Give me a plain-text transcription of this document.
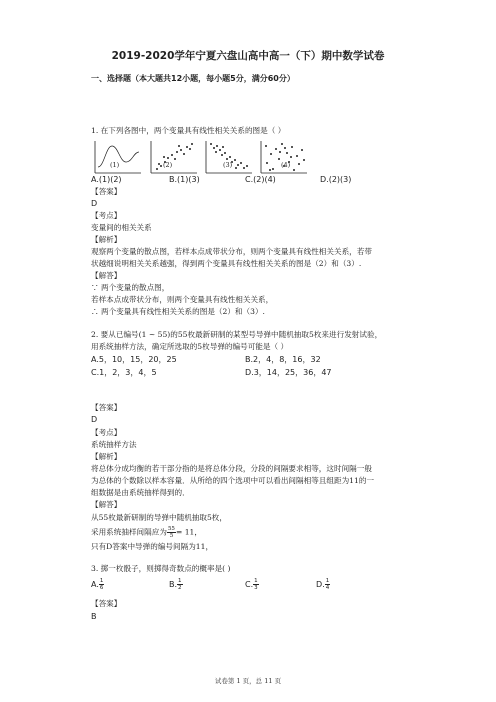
2019-2020学年宁夏六盘山高中高一（下）期中数学试卷
一、选择题（本大题共12小题，每小题5分，满分60分）
1. 在下列各图中，两个变量具有线性相关关系的图是（ ）
(1)	(2)	(3)	(4)
A.(1)(2)	B.(1)(3)	C.(2)(4)	D.(2)(3)
【答案】
D
【考点】
变量间的相关关系
【解析】
观察两个变量的散点图，若样本点成带状分布，则两个变量具有线性相关关系，若带
状越细说明相关关系越强，得到两个变量具有线性相关关系的图是（2）和（3）.
【解答】
∵ 两个变量的散点图，
若样本点成带状分布，则两个变量具有线性相关关系，
∴ 两个变量具有线性相关关系的图是（2）和（3）.
2. 要从已编号(1 ~ 55)的55枚最新研制的某型号导弹中随机抽取5枚来进行发射试验，
用系统抽样方法，确定所选取的5枚导弹的编号可能是（ ）
A.5，10，15，20，25	B.2，4，8，16，32
C.1，2，3，4，5	D.3，14，25，36，47
【答案】
D
【考点】
系统抽样方法
【解析】
将总体分成均衡的若干部分指的是将总体分段，分段的间隔要求相等，这时间隔一般
为总体的个数除以样本容量．从所给的四个选项中可以看出间隔相等且组距为11的一
组数据是由系统抽样得到的．
【解答】
从55枚最新研制的导弹中随机抽取5枚，
采用系统抽样间隔应为 $\frac{55}{5} = 11$，
只有D答案中导弹的编号间隔为11，
3. 掷一枚骰子，则掷得奇数点的概率是( )
A. $\frac{1}{6}$	B. $\frac{1}{2}$	C. $\frac{1}{3}$	D. $\frac{1}{4}$
【答案】
B
试卷第 1 页，总 11 页
